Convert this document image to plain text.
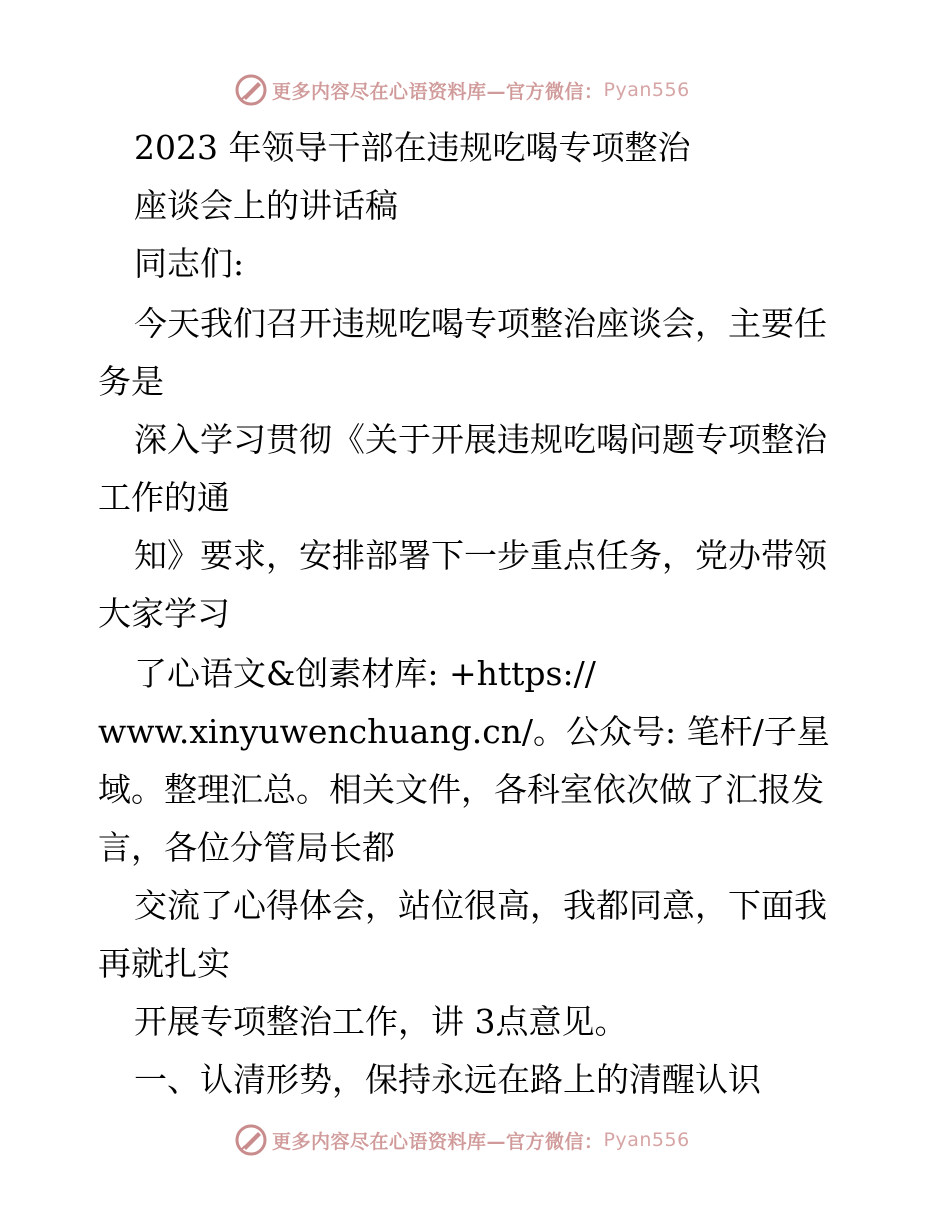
更多内容尽在心语资料库—官方微信： Pyan556
2023 年领导干部在违规吃喝专项整治
座谈会上的讲话稿
同志们:
今天我们召开违规吃喝专项整治座谈会，主要任
务是
深入学习贯彻《关于开展违规吃喝问题专项整治
工作的通
知》要求，安排部署下一步重点任务，党办带领
大家学习
了心语文&创素材库: +https://
www.xinyuwenchuang.cn/。公众号: 笔杆/子星
域。整理汇总。相关文件，各科室依次做了汇报发
言，各位分管局长都
交流了心得体会，站位很高，我都同意，下面我
再就扎实
开展专项整治工作，讲 3点意见。
一、认清形势，保持永远在路上的清醒认识
更多内容尽在心语资料库—官方微信： Pyan556
